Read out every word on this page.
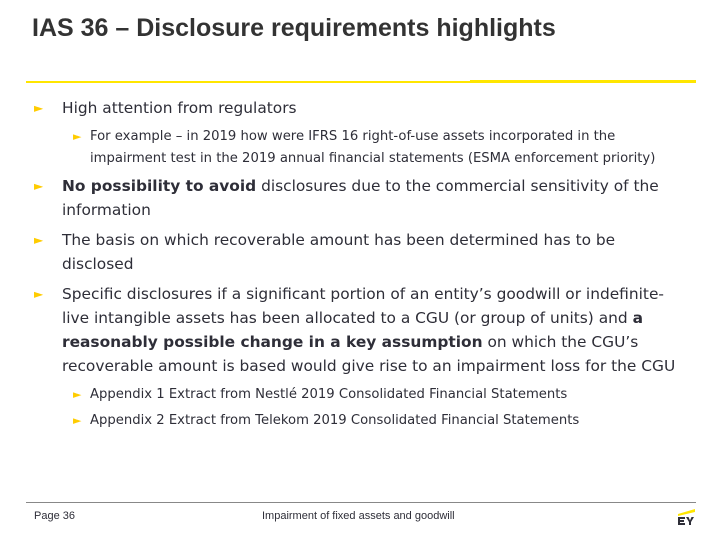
IAS 36 – Disclosure requirements highlights
► High attention from regulators
► For example – in 2019 how were IFRS 16 right-of-use assets incorporated in the impairment test in the 2019 annual financial statements (ESMA enforcement priority)
► No possibility to avoid disclosures due to the commercial sensitivity of the information
► The basis on which recoverable amount has been determined has to be disclosed
► Specific disclosures if a significant portion of an entity’s goodwill or indefinite-live intangible assets has been allocated to a CGU (or group of units) and a reasonably possible change in a key assumption on which the CGU’s recoverable amount is based would give rise to an impairment loss for the CGU
► Appendix 1 Extract from Nestlé 2019 Consolidated Financial Statements
► Appendix 2 Extract from Telekom 2019 Consolidated Financial Statements
Page 36	Impairment of fixed assets and goodwill
